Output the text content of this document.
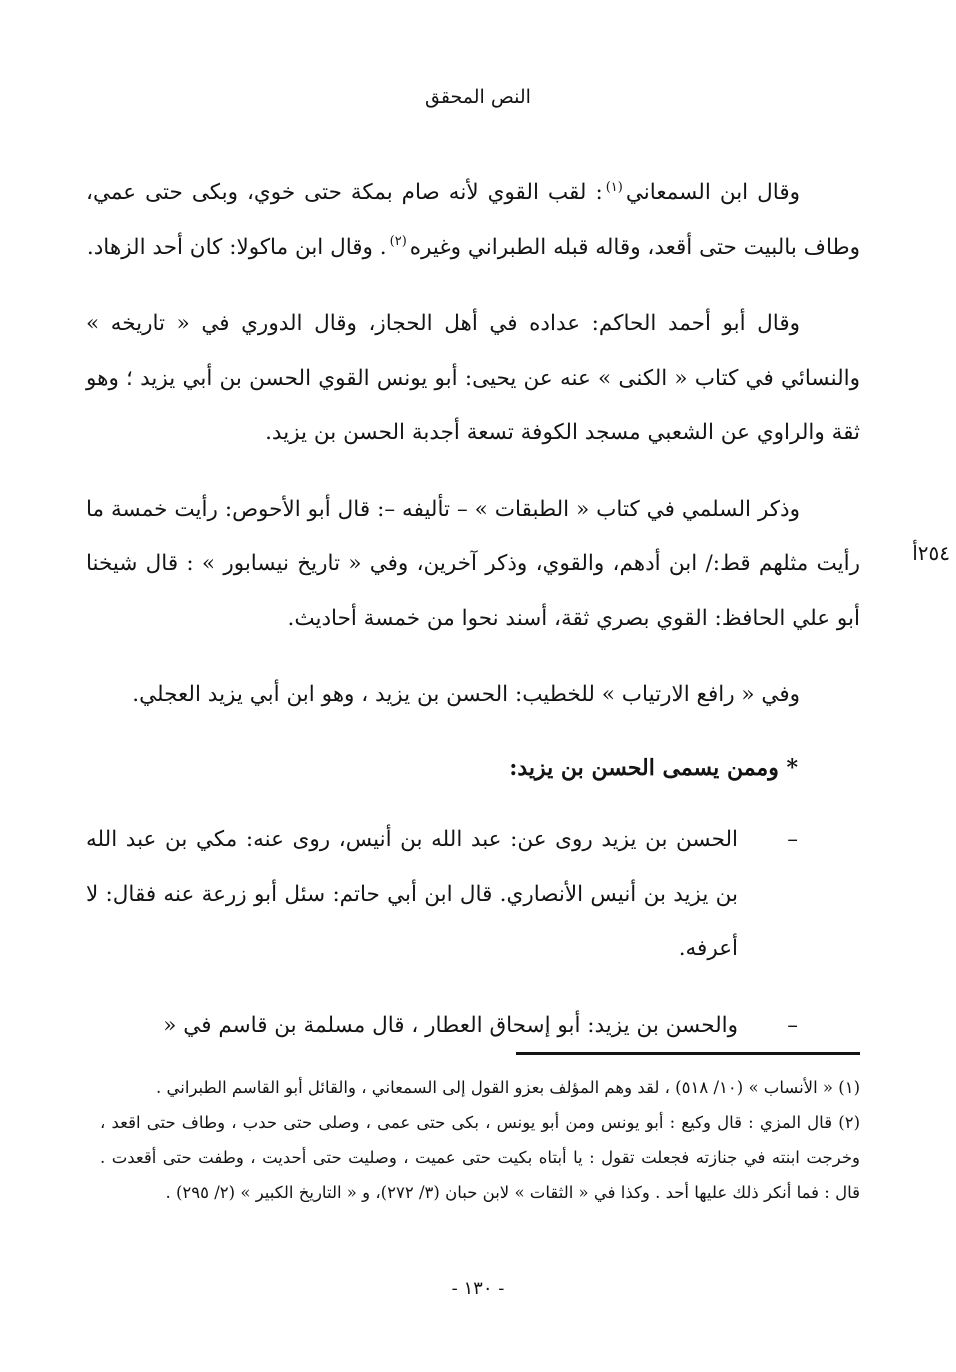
النص المحقق
٢٥٤أ

وقال ابن السمعاني$^{(١)}$: لقب القوي لأنه صام بمكة حتى خوي، وبكى حتى عمي، وطاف بالبيت حتى أقعد، وقاله قبله الطبراني وغيره$^{(٢)}$. وقال ابن ماكولا: كان أحد الزهاد.

وقال أبو أحمد الحاكم: عداده في أهل الحجاز، وقال الدوري في « تاريخه » والنسائي في كتاب « الكنى » عنه عن يحيى: أبو يونس القوي الحسن بن أبي يزيد ؛ وهو ثقة والراوي عن الشعبي مسجد الكوفة تسعة أجدبة الحسن بن يزيد.

وذكر السلمي في كتاب « الطبقات » – تأليفه –: قال أبو الأحوص: رأيت خمسة ما رأيت مثلهم قط:/ ابن أدهم، والقوي، وذكر آخرين، وفي « تاريخ نيسابور » : قال شيخنا أبو علي الحافظ: القوي بصري ثقة، أسند نحوا من خمسة أحاديث.

وفي « رافع الارتياب » للخطيب: الحسن بن يزيد ، وهو ابن أبي يزيد العجلي.

* وممن يسمى الحسن بن يزيد:
–
الحسن بن يزيد روى عن: عبد الله بن أنيس، روى عنه: مكي بن عبد الله بن يزيد بن أنيس الأنصاري. قال ابن أبي حاتم: سئل أبو زرعة عنه فقال: لا أعرفه.
–
والحسن بن يزيد: أبو إسحاق العطار ، قال مسلمة بن قاسم في «

(١) « الأنساب » (١٠/ ٥١٨) ، لقد وهم المؤلف بعزو القول إلى السمعاني ، والقائل أبو القاسم الطبراني .

(٢) قال المزي : قال وكيع : أبو يونس ومن أبو يونس ، بكى حتى عمى ، وصلى حتى حدب ، وطاف حتى اقعد ، وخرجت ابنته في جنازته فجعلت تقول : يا أبتاه بكيت حتى عميت ، وصليت حتى أحديت ، وطفت حتى أقعدت . قال : فما أنكر ذلك عليها أحد . وكذا في « الثقات » لابن حبان (٣/ ٢٧٢)، و « التاريخ الكبير » (٢/ ٢٩٥) .

- ١٣٠ -
